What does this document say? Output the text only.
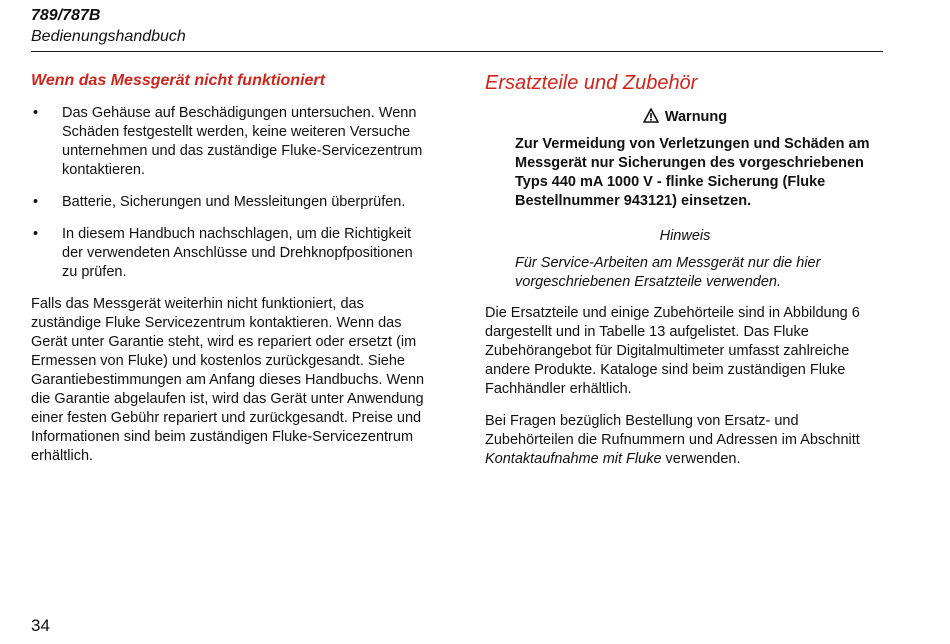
789/787B
Bedienungshandbuch
Wenn das Messgerät nicht funktioniert
• Das Gehäuse auf Beschädigungen untersuchen. Wenn Schäden festgestellt werden, keine weiteren Versuche unternehmen und das zuständige Fluke-Servicezentrum kontaktieren.
• Batterie, Sicherungen und Messleitungen überprüfen.
• In diesem Handbuch nachschlagen, um die Richtigkeit der verwendeten Anschlüsse und Drehknopfpositionen zu prüfen.

Falls das Messgerät weiterhin nicht funktioniert, das zuständige Fluke Servicezentrum kontaktieren. Wenn das Gerät unter Garantie steht, wird es repariert oder ersetzt (im Ermessen von Fluke) und kostenlos zurückgesandt. Siehe Garantiebestimmungen am Anfang dieses Handbuchs. Wenn die Garantie abgelaufen ist, wird das Gerät unter Anwendung einer festen Gebühr repariert und zurückgesandt. Preise und Informationen sind beim zuständigen Fluke-Servicezentrum erhältlich.

Ersatzteile und Zubehör
Warnung
Zur Vermeidung von Verletzungen und Schäden am Messgerät nur Sicherungen des vorgeschriebenen Typs 440 mA 1000 V - flinke Sicherung (Fluke Bestellnummer 943121) einsetzen.
Hinweis
Für Service-Arbeiten am Messgerät nur die hier vorgeschriebenen Ersatzteile verwenden.

Die Ersatzteile und einige Zubehörteile sind in Abbildung 6 dargestellt und in Tabelle 13 aufgelistet. Das Fluke Zubehörangebot für Digitalmultimeter umfasst zahlreiche andere Produkte. Kataloge sind beim zuständigen Fluke Fachhändler erhältlich.

Bei Fragen bezüglich Bestellung von Ersatz- und Zubehörteilen die Rufnummern und Adressen im Abschnitt Kontaktaufnahme mit Fluke verwenden.

34
